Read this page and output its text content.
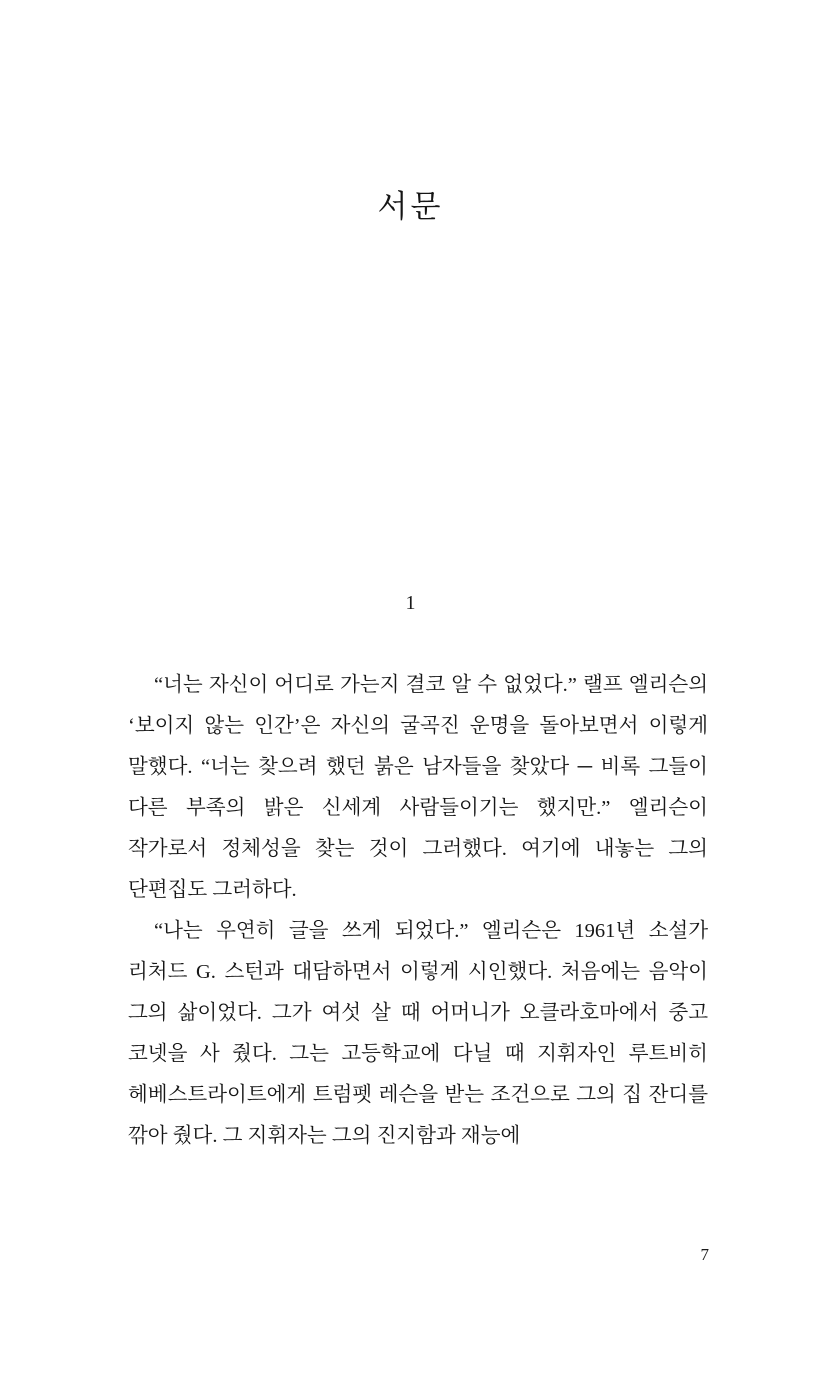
서문
1

“너는 자신이 어디로 가는지 결코 알 수 없었다.” 랠프 엘리슨의 ‘보이지 않는 인간’은 자신의 굴곡진 운명을 돌아보면서 이렇게 말했다. “너는 찾으려 했던 붉은 남자들을 찾았다 ─ 비록 그들이 다른 부족의 밝은 신세계 사람들이기는 했지만.” 엘리슨이 작가로서 정체성을 찾는 것이 그러했다. 여기에 내놓는 그의 단편집도 그러하다.

“나는 우연히 글을 쓰게 되었다.” 엘리슨은 1961년 소설가 리처드 G. 스턴과 대담하면서 이렇게 시인했다. 처음에는 음악이 그의 삶이었다. 그가 여섯 살 때 어머니가 오클라호마에서 중고 코넷을 사 줬다. 그는 고등학교에 다닐 때 지휘자인 루트비히 헤베스트라이트에게 트럼펫 레슨을 받는 조건으로 그의 집 잔디를 깎아 줬다. 그 지휘자는 그의 진지함과 재능에

7
